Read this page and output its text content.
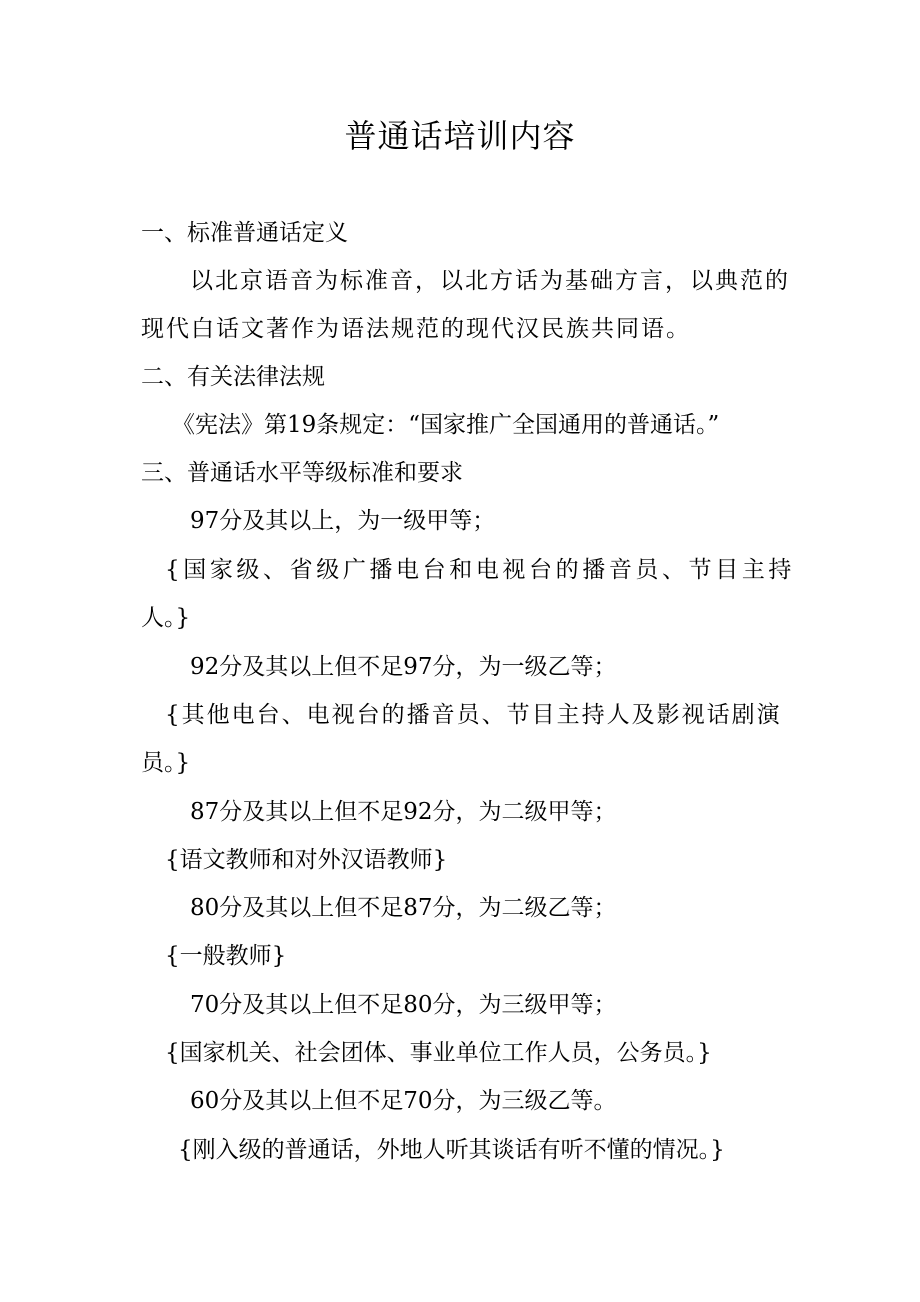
普通话培训内容
一、标准普通话定义
以北京语音为标准音，以北方话为基础方言，以典范的
现代白话文著作为语法规范的现代汉民族共同语。
二、有关法律法规
《宪法》第19条规定：“国家推广全国通用的普通话。”
三、普通话水平等级标准和要求
97分及其以上，为一级甲等；
{国家级、省级广播电台和电视台的播音员、节目主持
人。}
92分及其以上但不足97分，为一级乙等；
{其他电台、电视台的播音员、节目主持人及影视话剧演
员。}
87分及其以上但不足92分，为二级甲等；
{语文教师和对外汉语教师}
80分及其以上但不足87分，为二级乙等；
{一般教师}
70分及其以上但不足80分，为三级甲等；
{国家机关、社会团体、事业单位工作人员，公务员。}
60分及其以上但不足70分，为三级乙等。
{刚入级的普通话，外地人听其谈话有听不懂的情况。}
